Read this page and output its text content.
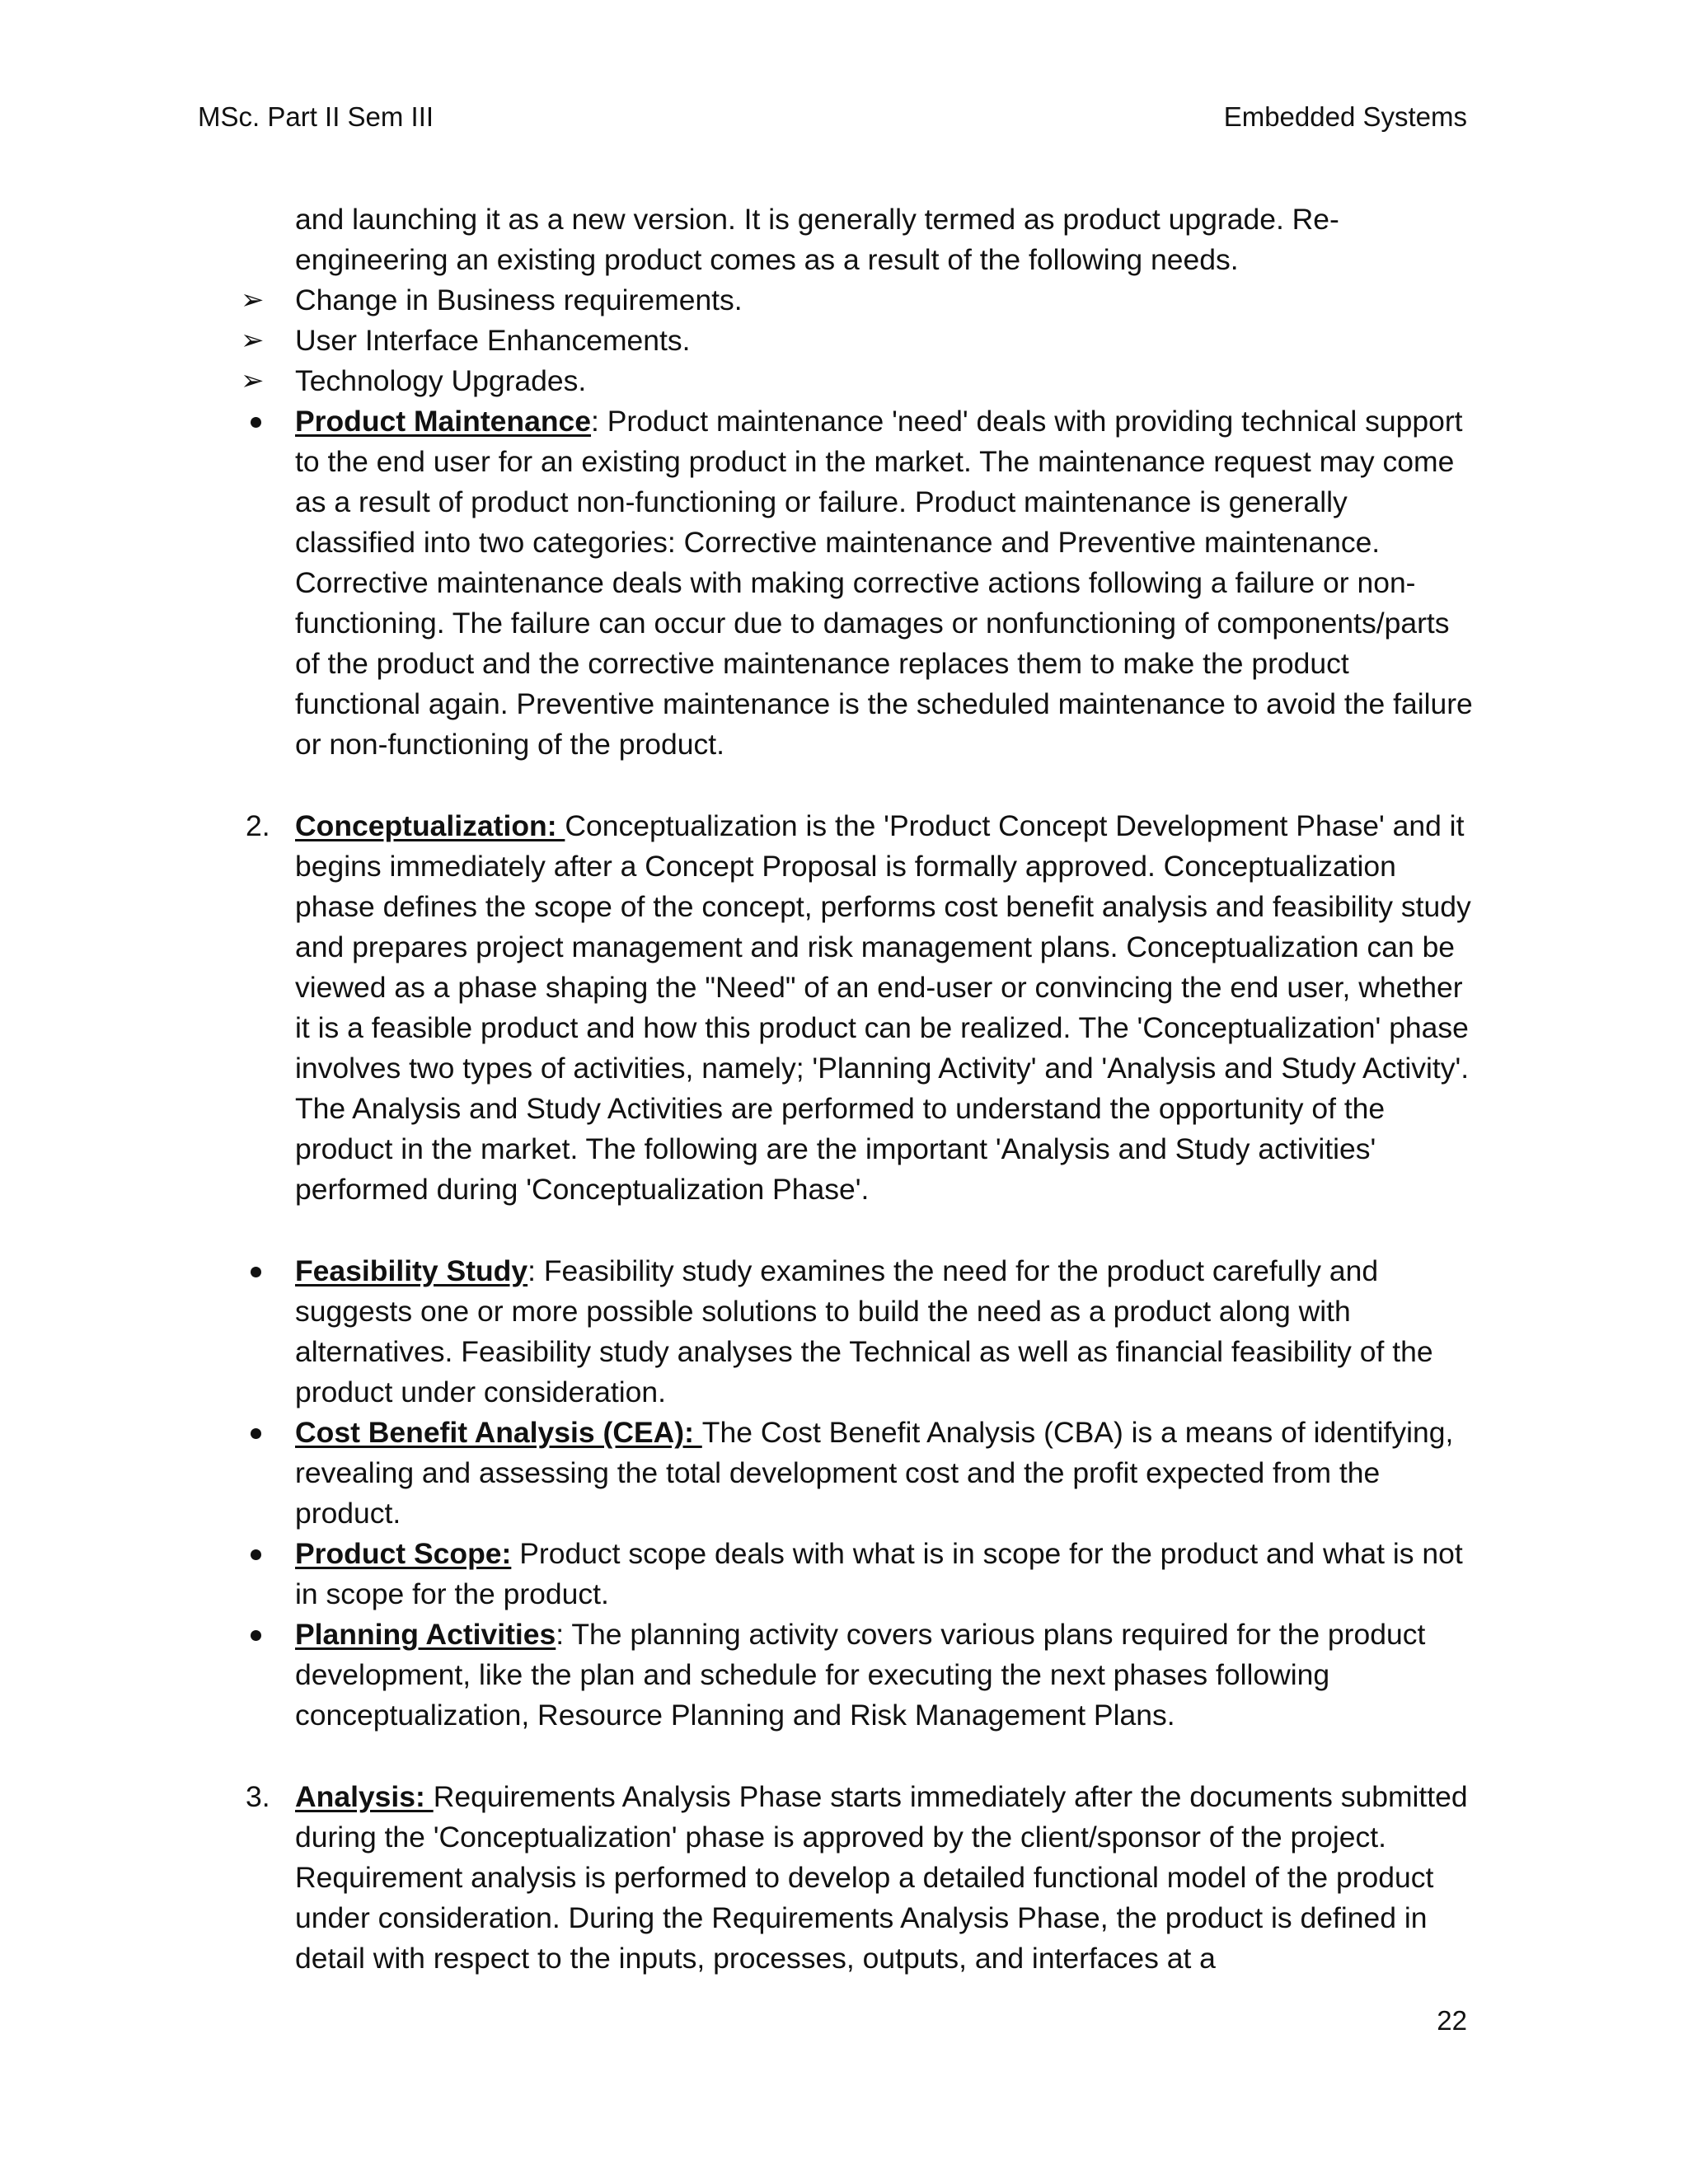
MSc. Part II Sem III	Embedded Systems
and launching it as a new version. It is generally termed as product upgrade. Re-engineering an existing product comes as a result of the following needs.
➢	Change in Business requirements.
➢	User Interface Enhancements.
➢	Technology Upgrades.
Product Maintenance: Product maintenance 'need' deals with providing technical support to the end user for an existing product in the market. The maintenance request may come as a result of product non-functioning or failure. Product maintenance is generally classified into two categories: Corrective maintenance and Preventive maintenance. Corrective maintenance deals with making corrective actions following a failure or non-functioning. The failure can occur due to damages or nonfunctioning of components/parts of the product and the corrective maintenance replaces them to make the product functional again. Preventive maintenance is the scheduled maintenance to avoid the failure or non-functioning of the product.
2. Conceptualization: Conceptualization is the 'Product Concept Development Phase' and it begins immediately after a Concept Proposal is formally approved. Conceptualization phase defines the scope of the concept, performs cost benefit analysis and feasibility study and prepares project management and risk management plans. Conceptualization can be viewed as a phase shaping the "Need" of an end-user or convincing the end user, whether it is a feasible product and how this product can be realized. The 'Conceptualization' phase involves two types of activities, namely; 'Planning Activity' and 'Analysis and Study Activity'. The Analysis and Study Activities are performed to understand the opportunity of the product in the market. The following are the important 'Analysis and Study activities' performed during 'Conceptualization Phase'.
Feasibility Study: Feasibility study examines the need for the product carefully and suggests one or more possible solutions to build the need as a product along with alternatives. Feasibility study analyses the Technical as well as financial feasibility of the product under consideration.
Cost Benefit Analysis (CEA): The Cost Benefit Analysis (CBA) is a means of identifying, revealing and assessing the total development cost and the profit expected from the product.
Product Scope: Product scope deals with what is in scope for the product and what is not in scope for the product.
Planning Activities: The planning activity covers various plans required for the product development, like the plan and schedule for executing the next phases following conceptualization, Resource Planning and Risk Management Plans.
3. Analysis: Requirements Analysis Phase starts immediately after the documents submitted during the 'Conceptualization' phase is approved by the client/sponsor of the project. Requirement analysis is performed to develop a detailed functional model of the product under consideration. During the Requirements Analysis Phase, the product is defined in detail with respect to the inputs, processes, outputs, and interfaces at a
22
